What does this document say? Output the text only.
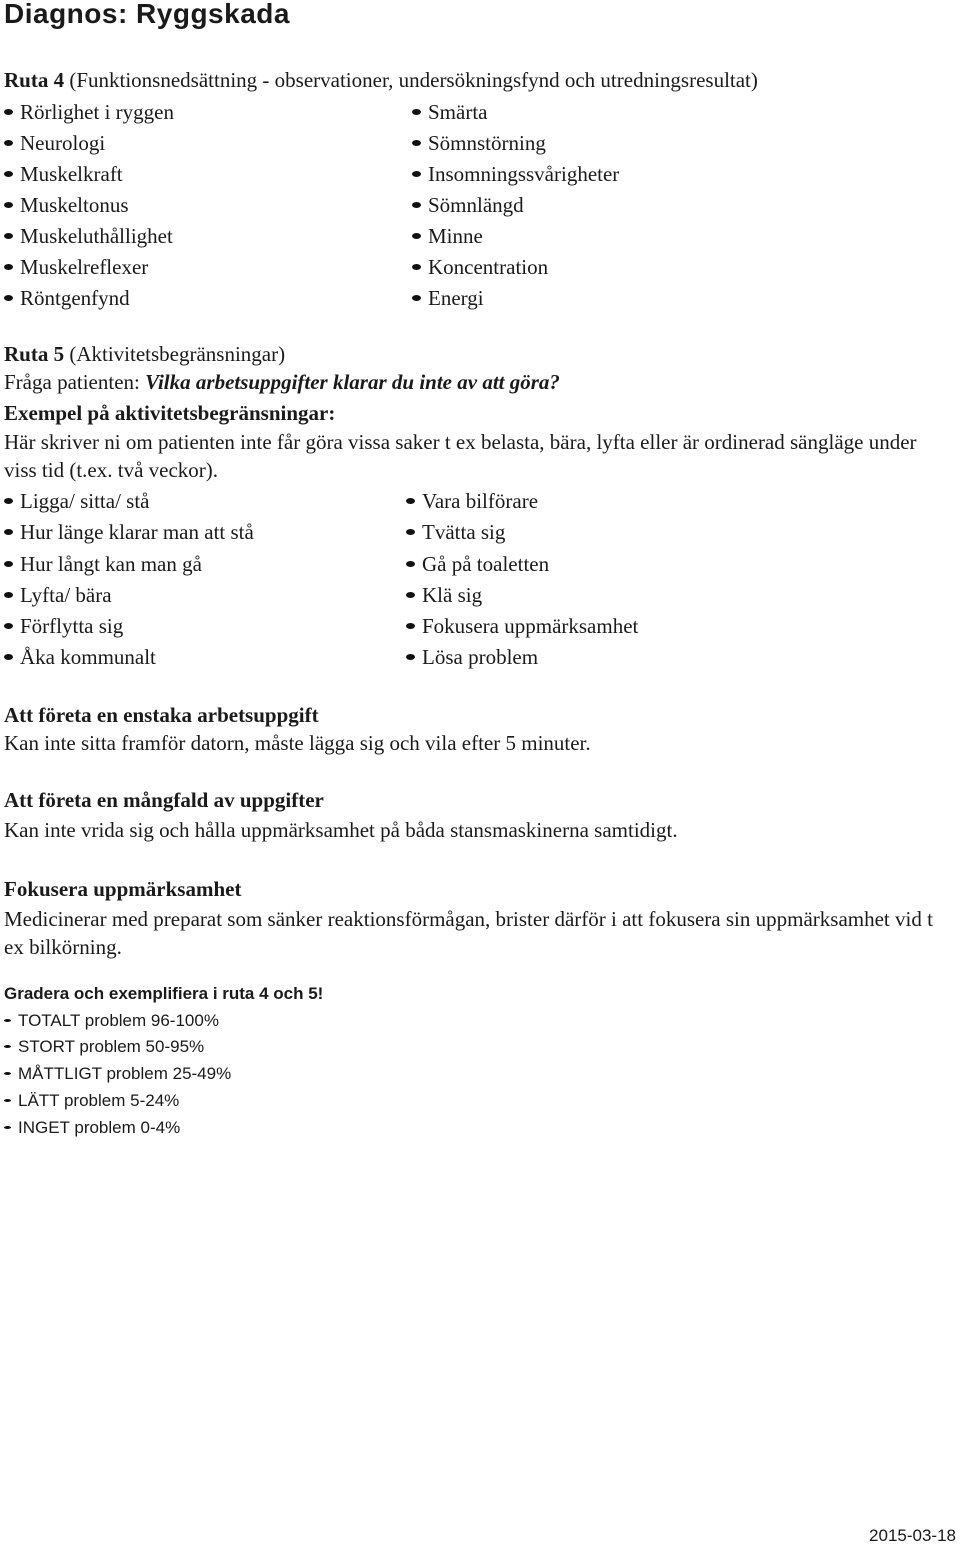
Diagnos: Ryggskada
Ruta 4 (Funktionsnedsättning - observationer, undersökningsfynd och utredningsresultat)
Rörlighet i ryggen
Neurologi
Muskelkraft
Muskeltonus
Muskeluthållighet
Muskelreflexer
Röntgenfynd
Smärta
Sömnstörning
Insomningssvårigheter
Sömnlängd
Minne
Koncentration
Energi
Ruta 5 (Aktivitetsbegränsningar)
Fråga patienten: Vilka arbetsuppgifter klarar du inte av att göra?
Exempel på aktivitetsbegränsningar:
Här skriver ni om patienten inte får göra vissa saker t ex belasta, bära, lyfta eller är ordinerad sängläge under viss tid (t.ex. två veckor).
Ligga/ sitta/ stå
Hur länge klarar man att stå
Hur långt kan man gå
Lyfta/ bära
Förflytta sig
Åka kommunalt
Vara bilförare
Tvätta sig
Gå på toaletten
Klä sig
Fokusera uppmärksamhet
Lösa problem
Att företa en enstaka arbetsuppgift
Kan inte sitta framför datorn, måste lägga sig och vila efter 5 minuter.
Att företa en mångfald av uppgifter
Kan inte vrida sig och hålla uppmärksamhet på båda stansmaskinerna samtidigt.
Fokusera uppmärksamhet
Medicinerar med preparat som sänker reaktionsförmågan, brister därför i att fokusera sin uppmärksamhet vid t ex bilkörning.
Gradera och exemplifiera i ruta 4 och 5!
TOTALT problem 96-100%
STORT problem 50-95%
MÅTTLIGT problem 25-49%
LÄTT problem 5-24%
INGET problem 0-4%
2015-03-18
